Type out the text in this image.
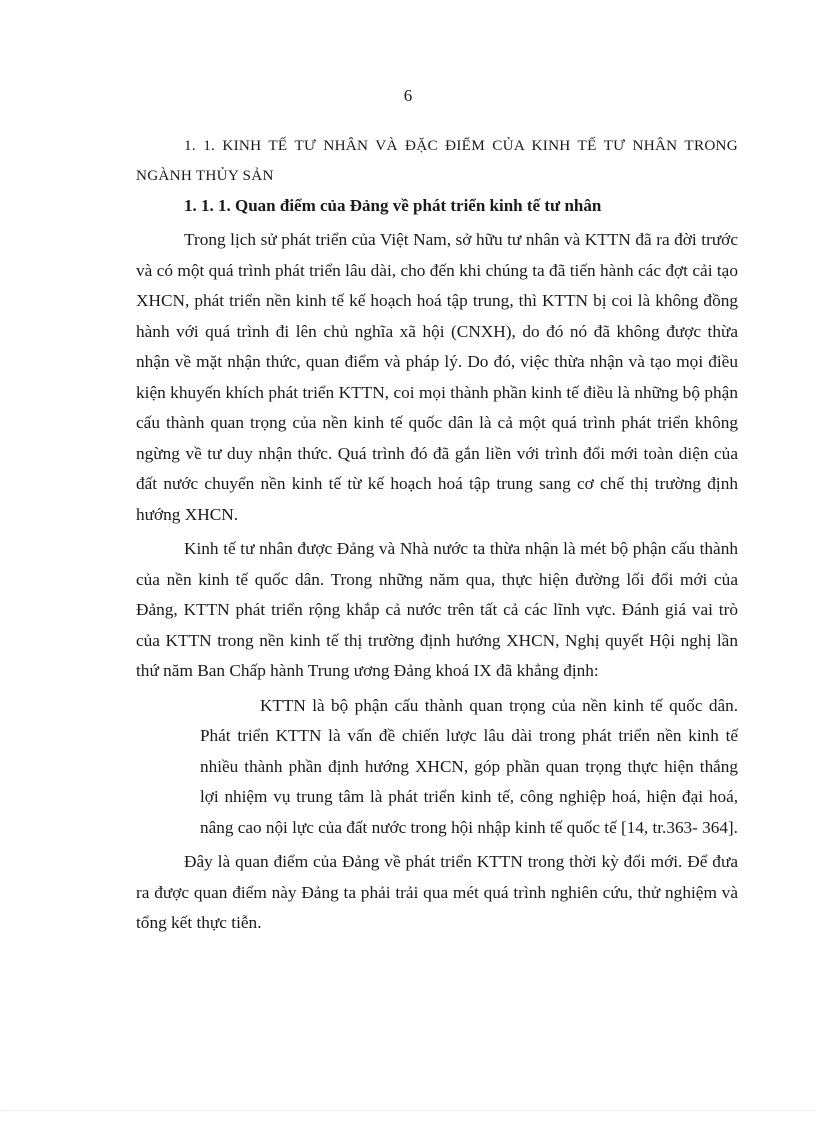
6
1. 1. KINH TẾ TƯ NHÂN VÀ ĐẶC ĐIỂM CỦA KINH TẾ TƯ NHÂN TRONG NGÀNH THỦY SẢN
1. 1. 1. Quan điểm của Đảng về phát triển kinh tế tư nhân

Trong lịch sử phát triển của Việt Nam, sở hữu tư nhân và KTTN đã ra đời trước và có một quá trình phát triển lâu dài, cho đến khi chúng ta đã tiến hành các đợt cải tạo XHCN, phát triển nền kinh tế kế hoạch hoá tập trung, thì KTTN bị coi là không đồng hành với quá trình đi lên chủ nghĩa xã hội (CNXH), do đó nó đã không được thừa nhận về mặt nhận thức, quan điểm và pháp lý. Do đó, việc thừa nhận và tạo mọi điều kiện khuyến khích phát triển KTTN, coi mọi thành phần kinh tế điều là những bộ phận cấu thành quan trọng của nền kinh tế quốc dân là cả một quá trình phát triển không ngừng về tư duy nhận thức. Quá trình đó đã gắn liền với trình đổi mới toàn diện của đất nước chuyển nền kinh tế từ kế hoạch hoá tập trung sang cơ chế thị trường định hướng XHCN.

Kinh tế tư nhân được Đảng và Nhà nước ta thừa nhận là mét bộ phận cấu thành của nền kinh tế quốc dân. Trong những năm qua, thực hiện đường lối đổi mới của Đảng, KTTN phát triển rộng khắp cả nước trên tất cả các lĩnh vực. Đánh giá vai trò của KTTN trong nền kinh tế thị trường định hướng XHCN, Nghị quyết Hội nghị lần thứ năm Ban Chấp hành Trung ương Đảng khoá IX đã khẳng định:

KTTN là bộ phận cấu thành quan trọng của nền kinh tế quốc dân. Phát triển KTTN là vấn đề chiến lược lâu dài trong phát triển nền kinh tế nhiều thành phần định hướng XHCN, góp phần quan trọng thực hiện thắng lợi nhiệm vụ trung tâm là phát triển kinh tế, công nghiệp hoá, hiện đại hoá, nâng cao nội lực của đất nước trong hội nhập kinh tế quốc tế [14, tr.363- 364].

Đây là quan điểm của Đảng về phát triển KTTN trong thời kỳ đổi mới. Để đưa ra được quan điểm này Đảng ta phải trải qua mét quá trình nghiên cứu, thử nghiệm và tổng kết thực tiễn.
